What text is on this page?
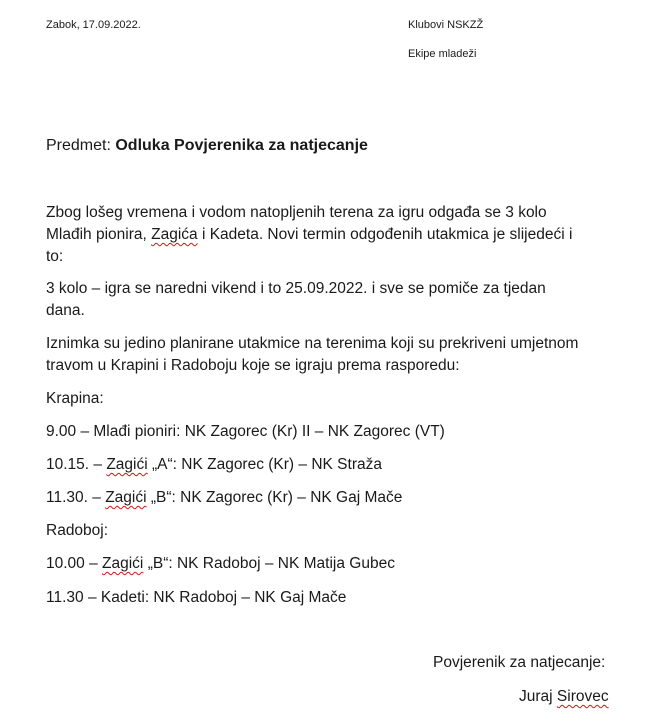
Zabok, 17.09.2022.	Klubovi NSKZŽ
Ekipe mladeži
Predmet: Odluka Povjerenika za natjecanje
Zbog lošeg vremena i vodom natopljenih terena za igru odgađa se 3 kolo
Mlađih pionira, Zagića i Kadeta. Novi termin odgođenih utakmica je slijedeći i
to:
3 kolo – igra se naredni vikend i to 25.09.2022. i sve se pomiče za tjedan
dana.
Iznimka su jedino planirane utakmice na terenima koji su prekriveni umjetnom
travom u Krapini i Radoboju koje se igraju prema rasporedu:
Krapina:
9.00 – Mlađi pioniri: NK Zagorec (Kr) II – NK Zagorec (VT)
10.15. – Zagići „A“: NK Zagorec (Kr) – NK Straža
11.30. – Zagići „B“: NK Zagorec (Kr) – NK Gaj Mače
Radoboj:
10.00 – Zagići „B“: NK Radoboj – NK Matija Gubec
11.30 – Kadeti: NK Radoboj – NK Gaj Mače
Povjerenik za natjecanje:
Juraj Sirovec
